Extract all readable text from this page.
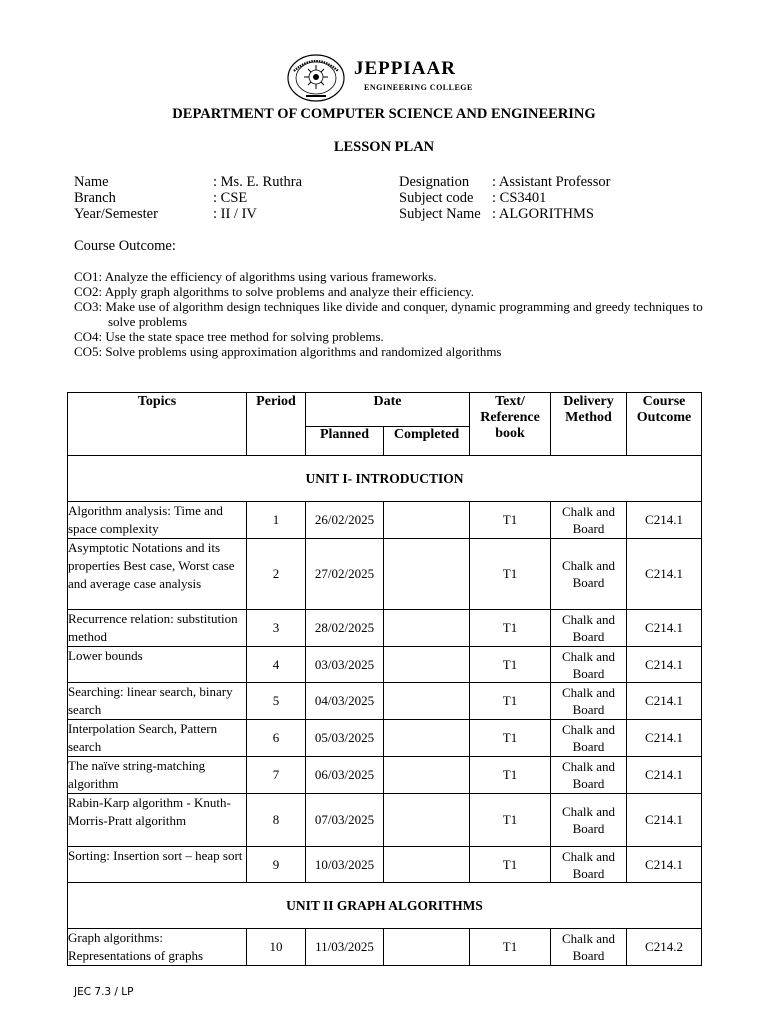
JEPPIAAR
ENGINEERING COLLEGE
DEPARTMENT OF COMPUTER SCIENCE AND ENGINEERING
LESSON PLAN
Name	: Ms. E. Ruthra
Branch	: CSE
Year/Semester	: II / IV
Designation : Assistant Professor
Subject code : CS3401
Subject Name : ALGORITHMS
Course Outcome:
CO1: Analyze the efficiency of algorithms using various frameworks.
CO2: Apply graph algorithms to solve problems and analyze their efficiency.
CO3: Make use of algorithm design techniques like divide and conquer, dynamic programming and greedy techniques to solve problems
CO4: Use the state space tree method for solving problems.
CO5: Solve problems using approximation algorithms and randomized algorithms
Topics	Period	Date		Text/ Reference book	Delivery Method	Course Outcome
		Planned	Completed			
UNIT I- INTRODUCTION						
Algorithm analysis: Time and space complexity	1	26/02/2025		T1	Chalk and Board	C214.1
Asymptotic Notations and its properties Best case, Worst case and average case analysis	2	27/02/2025		T1	Chalk and Board	C214.1
Recurrence relation: substitution method	3	28/02/2025		T1	Chalk and Board	C214.1
Lower bounds	4	03/03/2025		T1	Chalk and Board	C214.1
Searching: linear search, binary search	5	04/03/2025		T1	Chalk and Board	C214.1
Interpolation Search, Pattern search	6	05/03/2025		T1	Chalk and Board	C214.1
The naïve string-matching algorithm	7	06/03/2025		T1	Chalk and Board	C214.1
Rabin-Karp algorithm - Knuth-Morris-Pratt algorithm	8	07/03/2025		T1	Chalk and Board	C214.1
Sorting: Insertion sort – heap sort	9	10/03/2025		T1	Chalk and Board	C214.1
UNIT II GRAPH ALGORITHMS						
Graph algorithms: Representations of graphs	10	11/03/2025		T1	Chalk and Board	C214.2
JEC 7.3 / LP
